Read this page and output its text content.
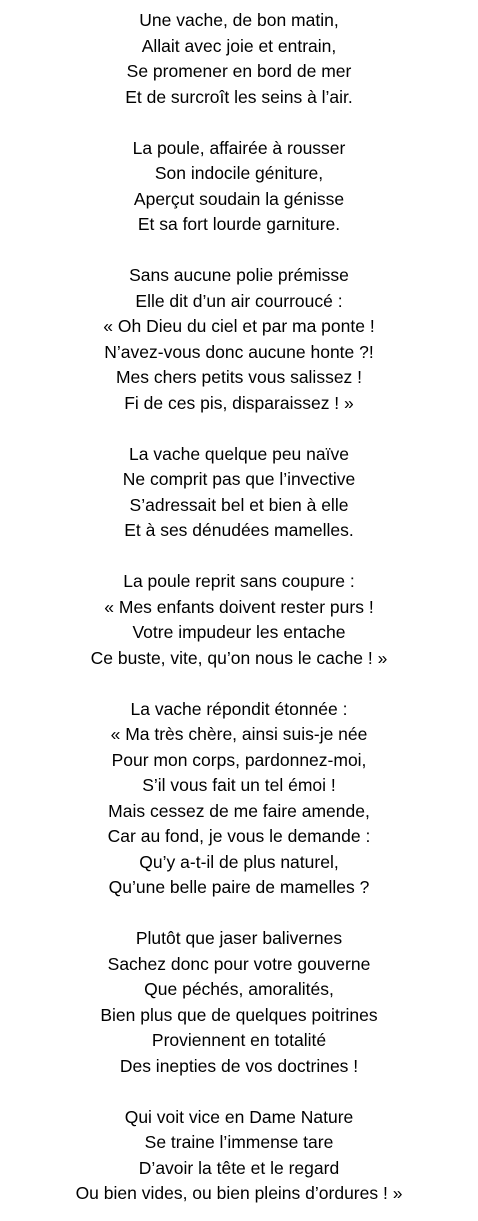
Une vache, de bon matin,
Allait avec joie et entrain,
Se promener en bord de mer
Et de surcroît les seins à l’air.
La poule, affairée à rousser
Son indocile géniture,
Aperçut soudain la génisse
Et sa fort lourde garniture.
Sans aucune polie prémisse
Elle dit d’un air courroucé :
« Oh Dieu du ciel et par ma ponte !
N’avez-vous donc aucune honte ?!
Mes chers petits vous salissez !
Fi de ces pis, disparaissez ! »
La vache quelque peu naïve
Ne comprit pas que l’invective
S’adressait bel et bien à elle
Et à ses dénudées mamelles.
La poule reprit sans coupure :
« Mes enfants doivent rester purs !
Votre impudeur les entache
Ce buste, vite, qu’on nous le cache ! »
La vache répondit étonnée :
« Ma très chère, ainsi suis-je née
Pour mon corps, pardonnez-moi,
S’il vous fait un tel émoi !
Mais cessez de me faire amende,
Car au fond, je vous le demande :
Qu’y a-t-il de plus naturel,
Qu’une belle paire de mamelles ?
Plutôt que jaser balivernes
Sachez donc pour votre gouverne
Que péchés, amoralités,
Bien plus que de quelques poitrines
Proviennent en totalité
Des inepties de vos doctrines !
Qui voit vice en Dame Nature
Se traine l’immense tare
D’avoir la tête et le regard
Ou bien vides, ou bien pleins d’ordures ! »
